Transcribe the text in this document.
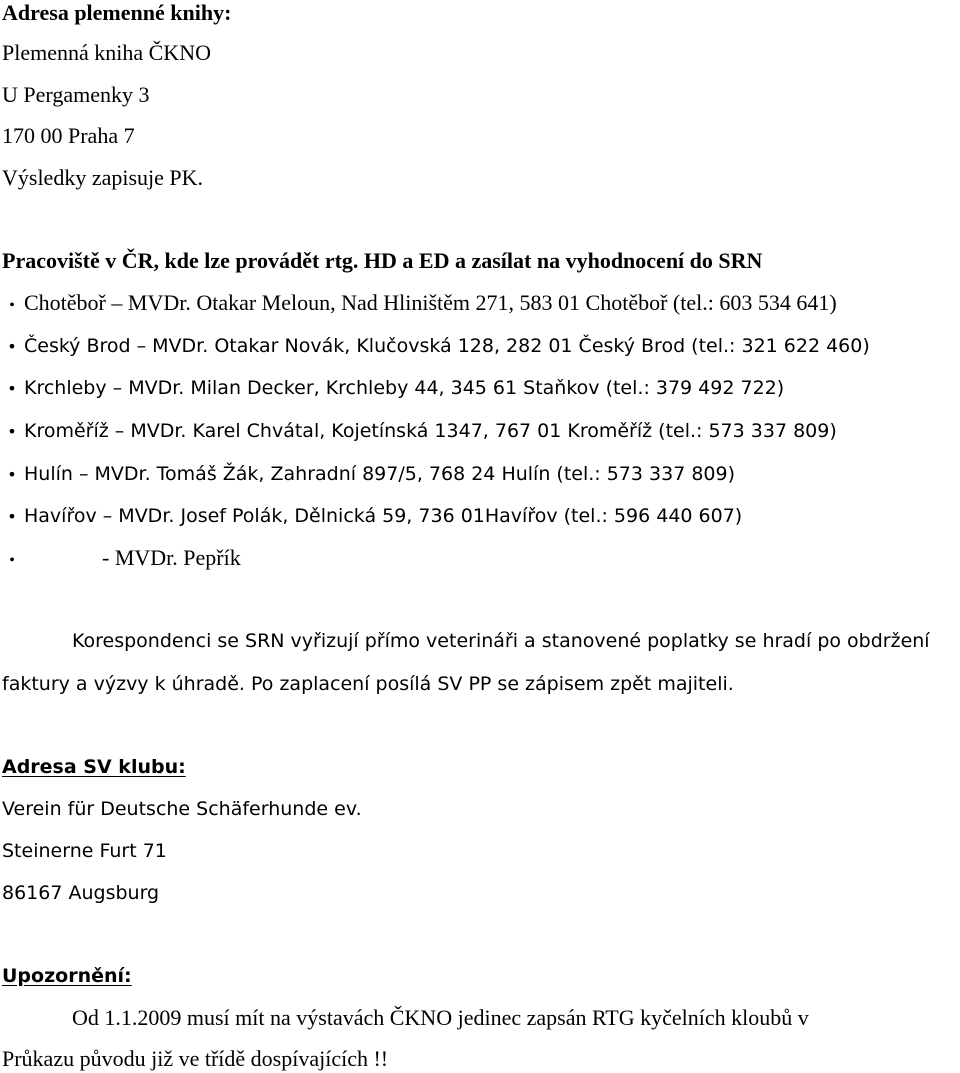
Adresa plemenné knihy:
Plemenná kniha ČKNO
U Pergamenky 3
170 00 Praha 7
Výsledky zapisuje PK.
Pracoviště v ČR, kde lze provádět rtg. HD a ED a zasílat na vyhodnocení do SRN
• Chotěboř – MVDr. Otakar Meloun, Nad Hliništěm 271, 583 01 Chotěboř (tel.: 603 534 641)
• Český Brod – MVDr. Otakar Novák, Klučovská 128, 282 01 Český Brod (tel.: 321 622 460)
• Krchleby – MVDr. Milan Decker, Krchleby 44, 345 61 Staňkov (tel.: 379 492 722)
• Kroměříž – MVDr. Karel Chvátal, Kojetínská 1347, 767 01 Kroměříž (tel.: 573 337 809)
• Hulín – MVDr. Tomáš Žák, Zahradní 897/5, 768 24 Hulín (tel.: 573 337 809)
• Havířov – MVDr. Josef Polák, Dělnická 59, 736 01Havířov (tel.: 596 440 607)
•	- MVDr. Pepřík
Korespondenci se SRN vyřizují přímo veterináři a stanovené poplatky se hradí po obdržení
faktury a výzvy k úhradě. Po zaplacení posílá SV PP se zápisem zpět majiteli.
Adresa SV klubu:
Verein für Deutsche Schäferhunde ev.
Steinerne Furt 71
86167 Augsburg
Upozornění:
Od 1.1.2009 musí mít na výstavách ČKNO jedinec zapsán RTG kyčelních kloubů v
Průkazu původu již ve třídě dospívajících !!
